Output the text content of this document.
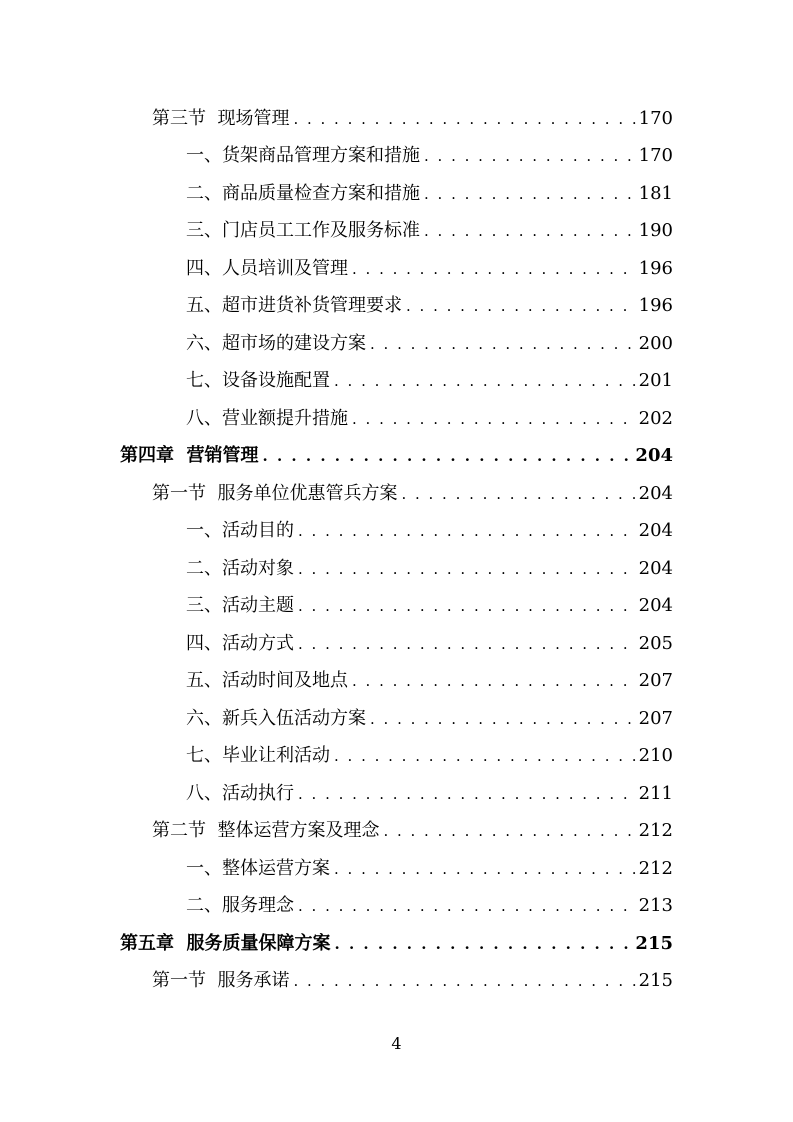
第三节  现场管理 . . .	170
一、货架商品管理方案和措施 . . .	170
二、商品质量检查方案和措施 . . .	181
三、门店员工工作及服务标准 . . .	190
四、人员培训及管理 . . .	196
五、超市进货补货管理要求 . . .	196
六、超市场的建设方案 . . .	200
七、设备设施配置 . . .	201
八、营业额提升措施 . . .	202
第四章  营销管理 . . .	204
第一节  服务单位优惠管兵方案 . . .	204
一、活动目的 . . .	204
二、活动对象 . . .	204
三、活动主题 . . .	204
四、活动方式 . . .	205
五、活动时间及地点 . . .	207
六、新兵入伍活动方案 . . .	207
七、毕业让利活动 . . .	210
八、活动执行 . . .	211
第二节  整体运营方案及理念 . . .	212
一、整体运营方案 . . .	212
二、服务理念 . . .	213
第五章  服务质量保障方案 . . .	215
第一节  服务承诺 . . .	215
4
